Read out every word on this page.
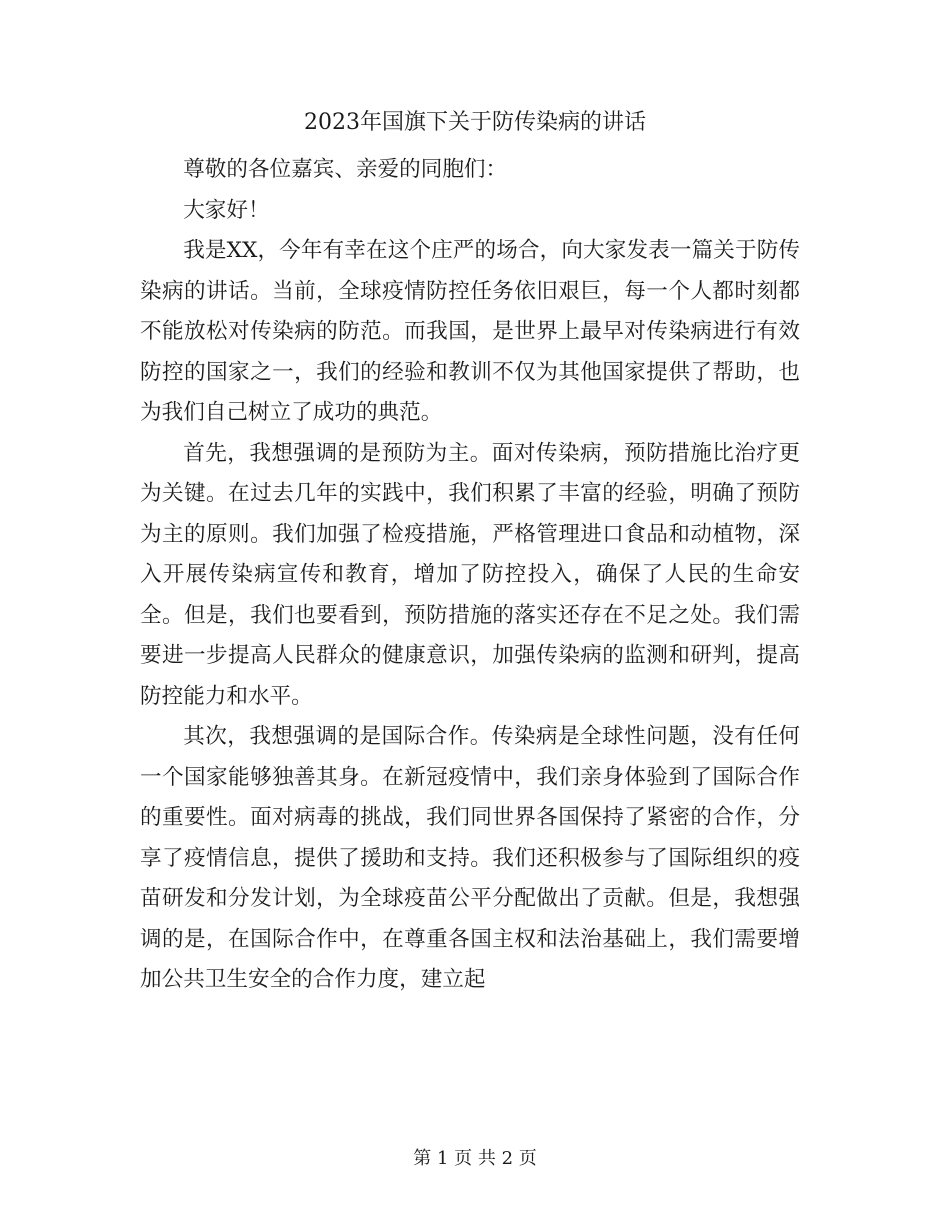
2023年国旗下关于防传染病的讲话

尊敬的各位嘉宾、亲爱的同胞们：

大家好！

我是XX，今年有幸在这个庄严的场合，向大家发表一篇关于防传染病的讲话。当前，全球疫情防控任务依旧艰巨，每一个人都时刻都不能放松对传染病的防范。而我国，是世界上最早对传染病进行有效防控的国家之一，我们的经验和教训不仅为其他国家提供了帮助，也为我们自己树立了成功的典范。

首先，我想强调的是预防为主。面对传染病，预防措施比治疗更为关键。在过去几年的实践中，我们积累了丰富的经验，明确了预防为主的原则。我们加强了检疫措施，严格管理进口食品和动植物，深入开展传染病宣传和教育，增加了防控投入，确保了人民的生命安全。但是，我们也要看到，预防措施的落实还存在不足之处。我们需要进一步提高人民群众的健康意识，加强传染病的监测和研判，提高防控能力和水平。

其次，我想强调的是国际合作。传染病是全球性问题，没有任何一个国家能够独善其身。在新冠疫情中，我们亲身体验到了国际合作的重要性。面对病毒的挑战，我们同世界各国保持了紧密的合作，分享了疫情信息，提供了援助和支持。我们还积极参与了国际组织的疫苗研发和分发计划，为全球疫苗公平分配做出了贡献。但是，我想强调的是，在国际合作中，在尊重各国主权和法治基础上，我们需要增加公共卫生安全的合作力度，建立起

第 1 页 共 2 页
